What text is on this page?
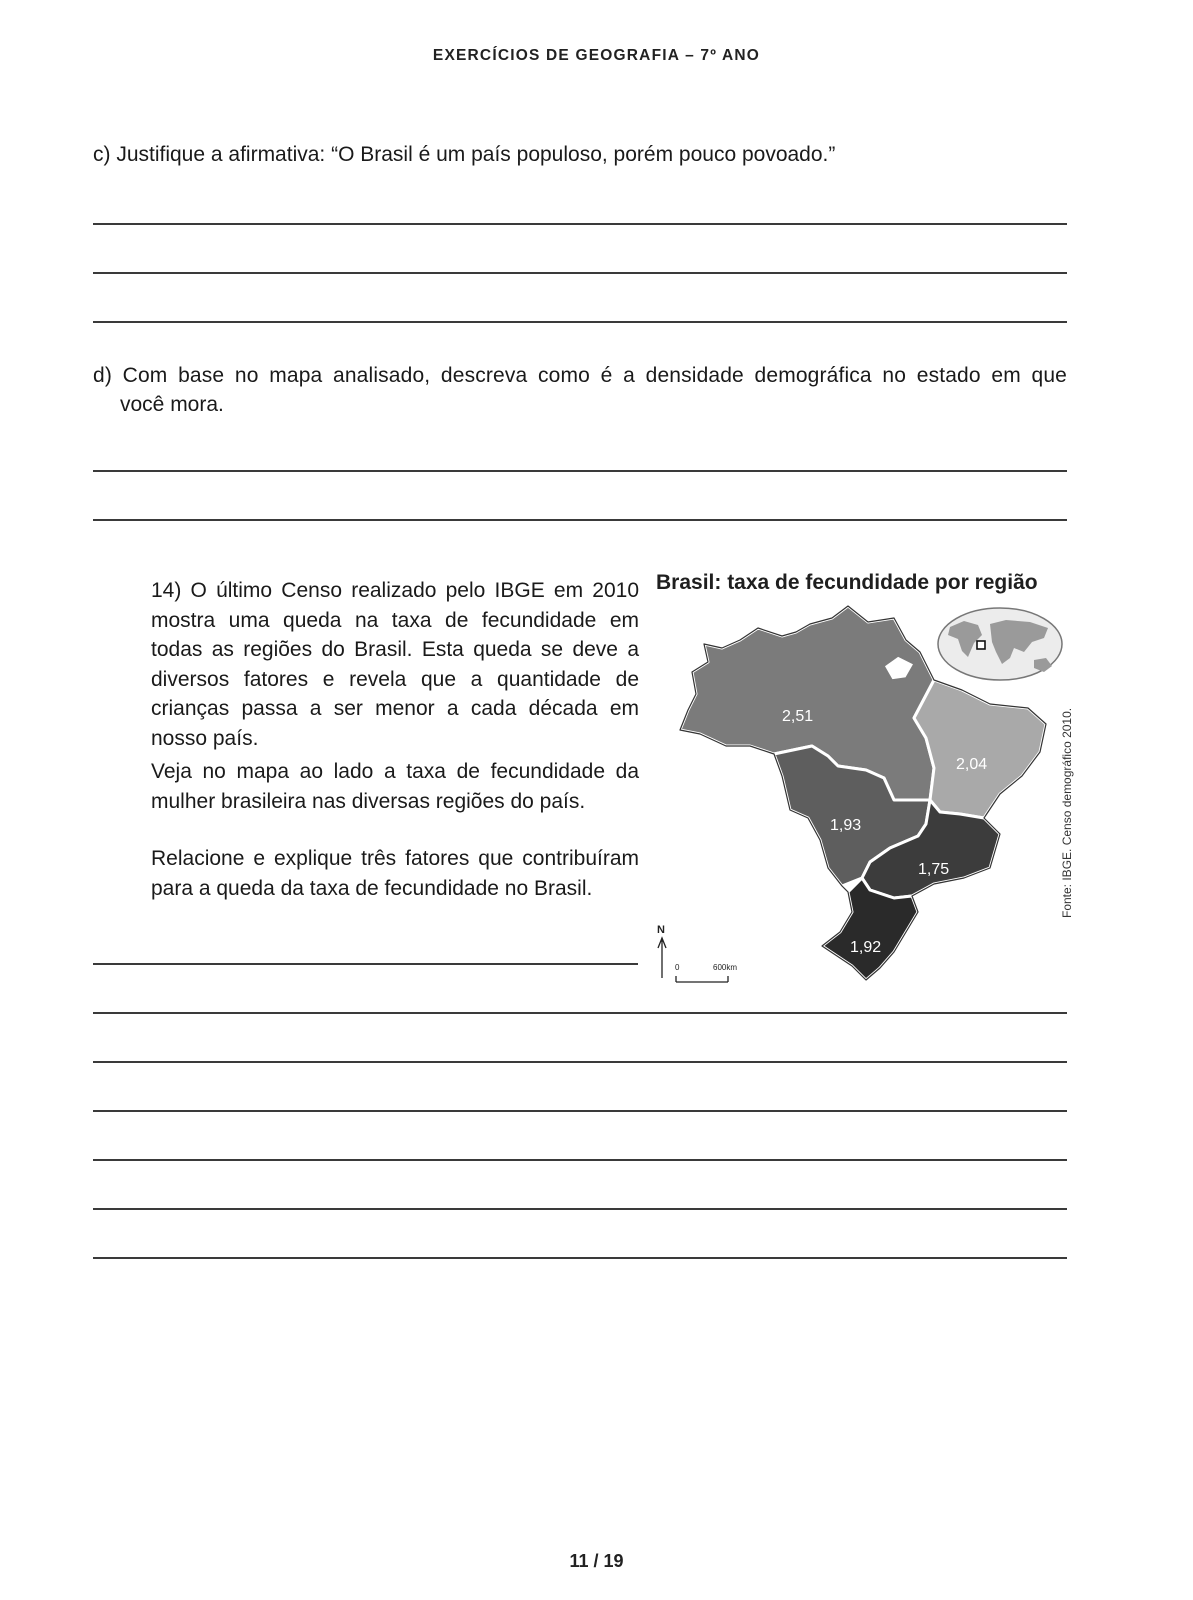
EXERCÍCIOS DE GEOGRAFIA – 7º ANO
c) Justifique a afirmativa: “O Brasil é um país populoso, porém pouco povoado.”
d) Com base no mapa analisado, descreva como é a densidade demográfica no estado em que
você mora.

14) O último Censo realizado pelo IBGE em 2010 mostra uma queda na taxa de fecundidade em todas as regiões do Brasil. Esta queda se deve a diversos fatores e revela que a quantidade de crianças passa a ser menor a cada década em nosso país.

Veja no mapa ao lado a taxa de fecundidade da mulher brasileira nas diversas regiões do país.

Relacione e explique três fatores que contribuíram para a queda da taxa de fecundidade no Brasil.

Brasil: taxa de fecundidade por região
2,51
2,04
1,93
1,75
1,92
N
0	600km
Fonte: IBGE. Censo demográfico 2010.
11 / 19
